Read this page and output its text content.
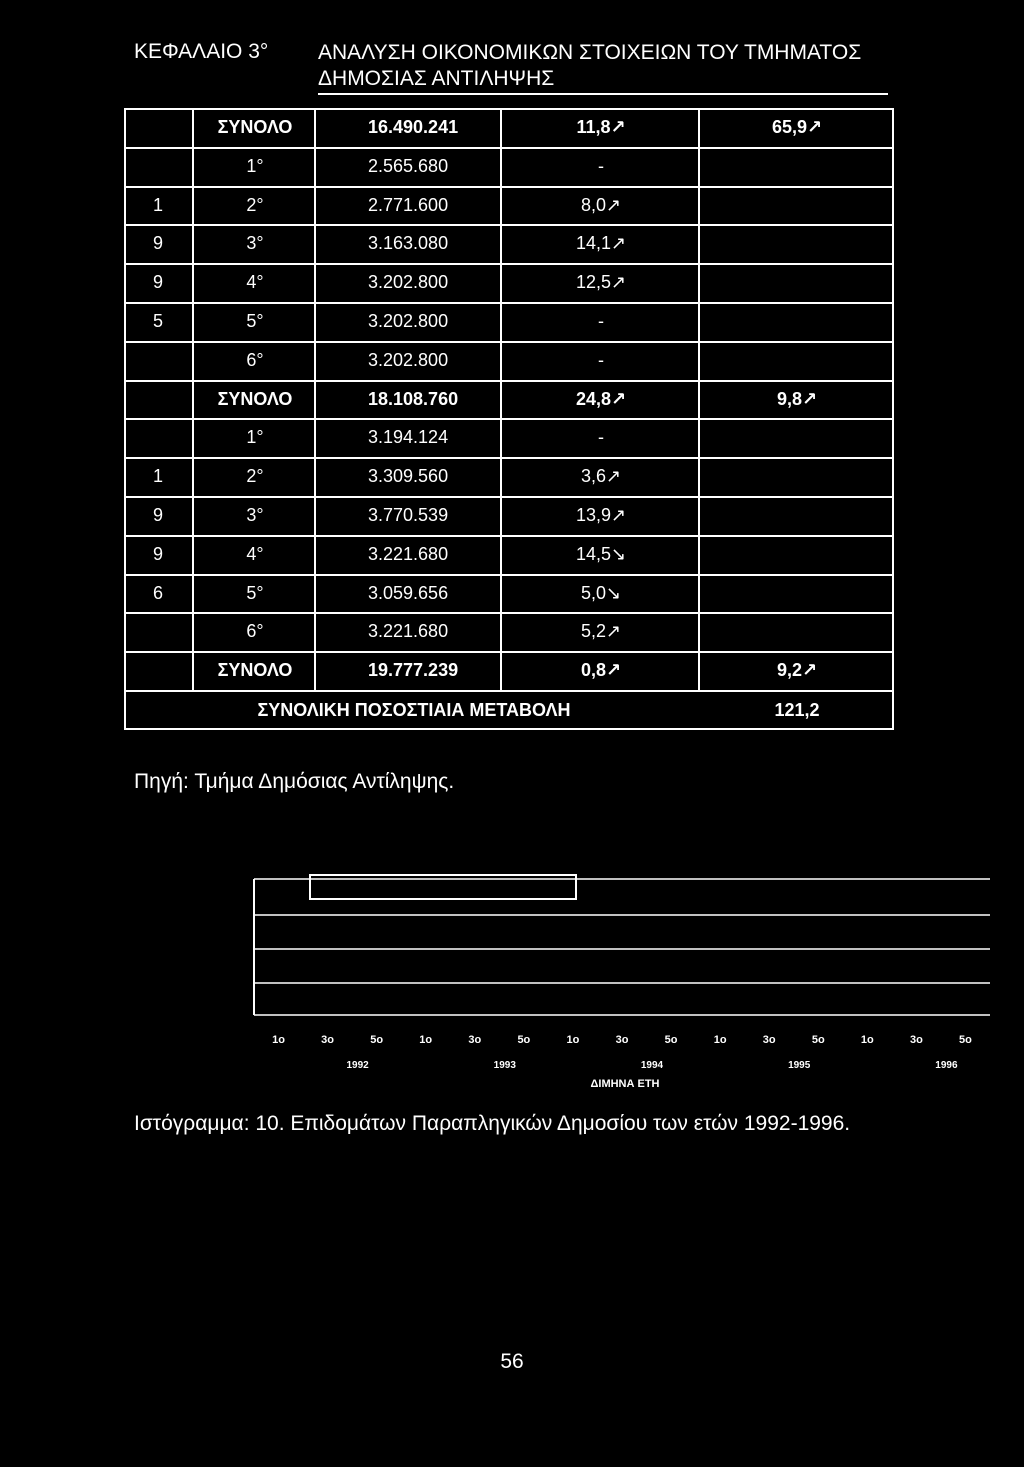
ΚΕΦΑΛΑΙΟ 3° ΑΝΑΛΥΣΗ ΟΙΚΟΝΟΜΙΚΩΝ ΣΤΟΙΧΕΙΩΝ ΤΟΥ ΤΜΗΜΑΤΟΣ
ΔΗΜΟΣΙΑΣ ΑΝΤΙΛΗΨΗΣ
ΣΥΝΟΛΟ	16.490.241	11,8↗	65,9↗
1°	2.565.680	-
1	2°	2.771.600	8,0↗
9	3°	3.163.080	14,1↗
9	4°	3.202.800	12,5↗
5	5°	3.202.800	-
6°	3.202.800	-
ΣΥΝΟΛΟ	18.108.760	24,8↗	9,8↗
1°	3.194.124	-
1	2°	3.309.560	3,6↗
9	3°	3.770.539	13,9↗
9	4°	3.221.680	14,5↘
6	5°	3.059.656	5,0↘
6°	3.221.680	5,2↗
ΣΥΝΟΛΟ	19.777.239	0,8↗	9,2↗
ΣΥΝΟΛΙΚΗ ΠΟΣΟΣΤΙΑΙΑ ΜΕΤΑΒΟΛΗ	121,2
Πηγή: Τμήμα Δημόσιας Αντίληψης.
1o	3o	5o	1o	3o	5o	1o	3o	5o	1o	3o	5o	1o	3o	5o
1992	1993	1994	1995	1996
ΔΙΜΗΝΑ ΕΤΗ
Ιστόγραμμα: 10. Επιδομάτων Παραπληγικών Δημοσίου των ετών 1992-1996.
56
